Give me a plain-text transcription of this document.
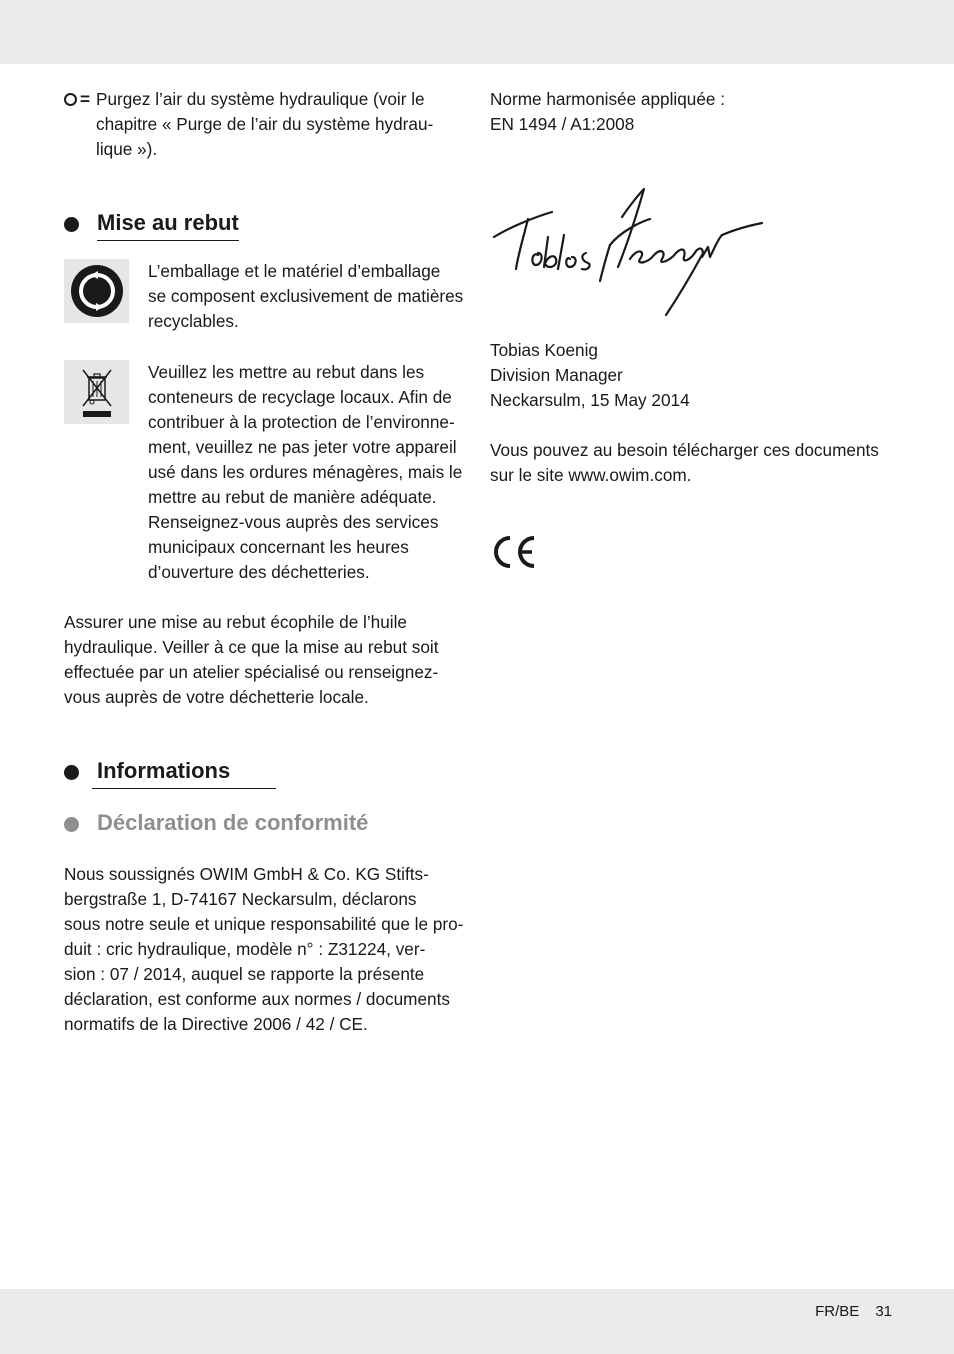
= Purgez l’air du système hydraulique (voir le
chapitre « Purge de l’air du système hydrau-
lique »).
Mise au rebut
L’emballage et le matériel d’emballage
se composent exclusivement de matières
recyclables.
Veuillez les mettre au rebut dans les
conteneurs de recyclage locaux. Afin de
contribuer à la protection de l’environne-
ment, veuillez ne pas jeter votre appareil
usé dans les ordures ménagères, mais le
mettre au rebut de manière adéquate.
Renseignez-vous auprès des services
municipaux concernant les heures
d’ouverture des déchetteries.
Assurer une mise au rebut écophile de l’huile
hydraulique. Veiller à ce que la mise au rebut soit
effectuée par un atelier spécialisé ou renseignez-
vous auprès de votre déchetterie locale.
Informations
Déclaration de conformité
Nous soussignés OWIM GmbH & Co. KG Stifts-
bergstraße 1, D-74167 Neckarsulm, déclarons
sous notre seule et unique responsabilité que le pro-
duit : cric hydraulique, modèle n° : Z31224, ver-
sion : 07 / 2014, auquel se rapporte la présente
déclaration, est conforme aux normes / documents
normatifs de la Directive 2006 / 42 / CE.
Norme harmonisée appliquée :
EN 1494 / A1:2008
Tobias Koenig
Division Manager
Neckarsulm, 15 May 2014
Vous pouvez au besoin télécharger ces documents
sur le site www.owim.com.
FR/BE 31
